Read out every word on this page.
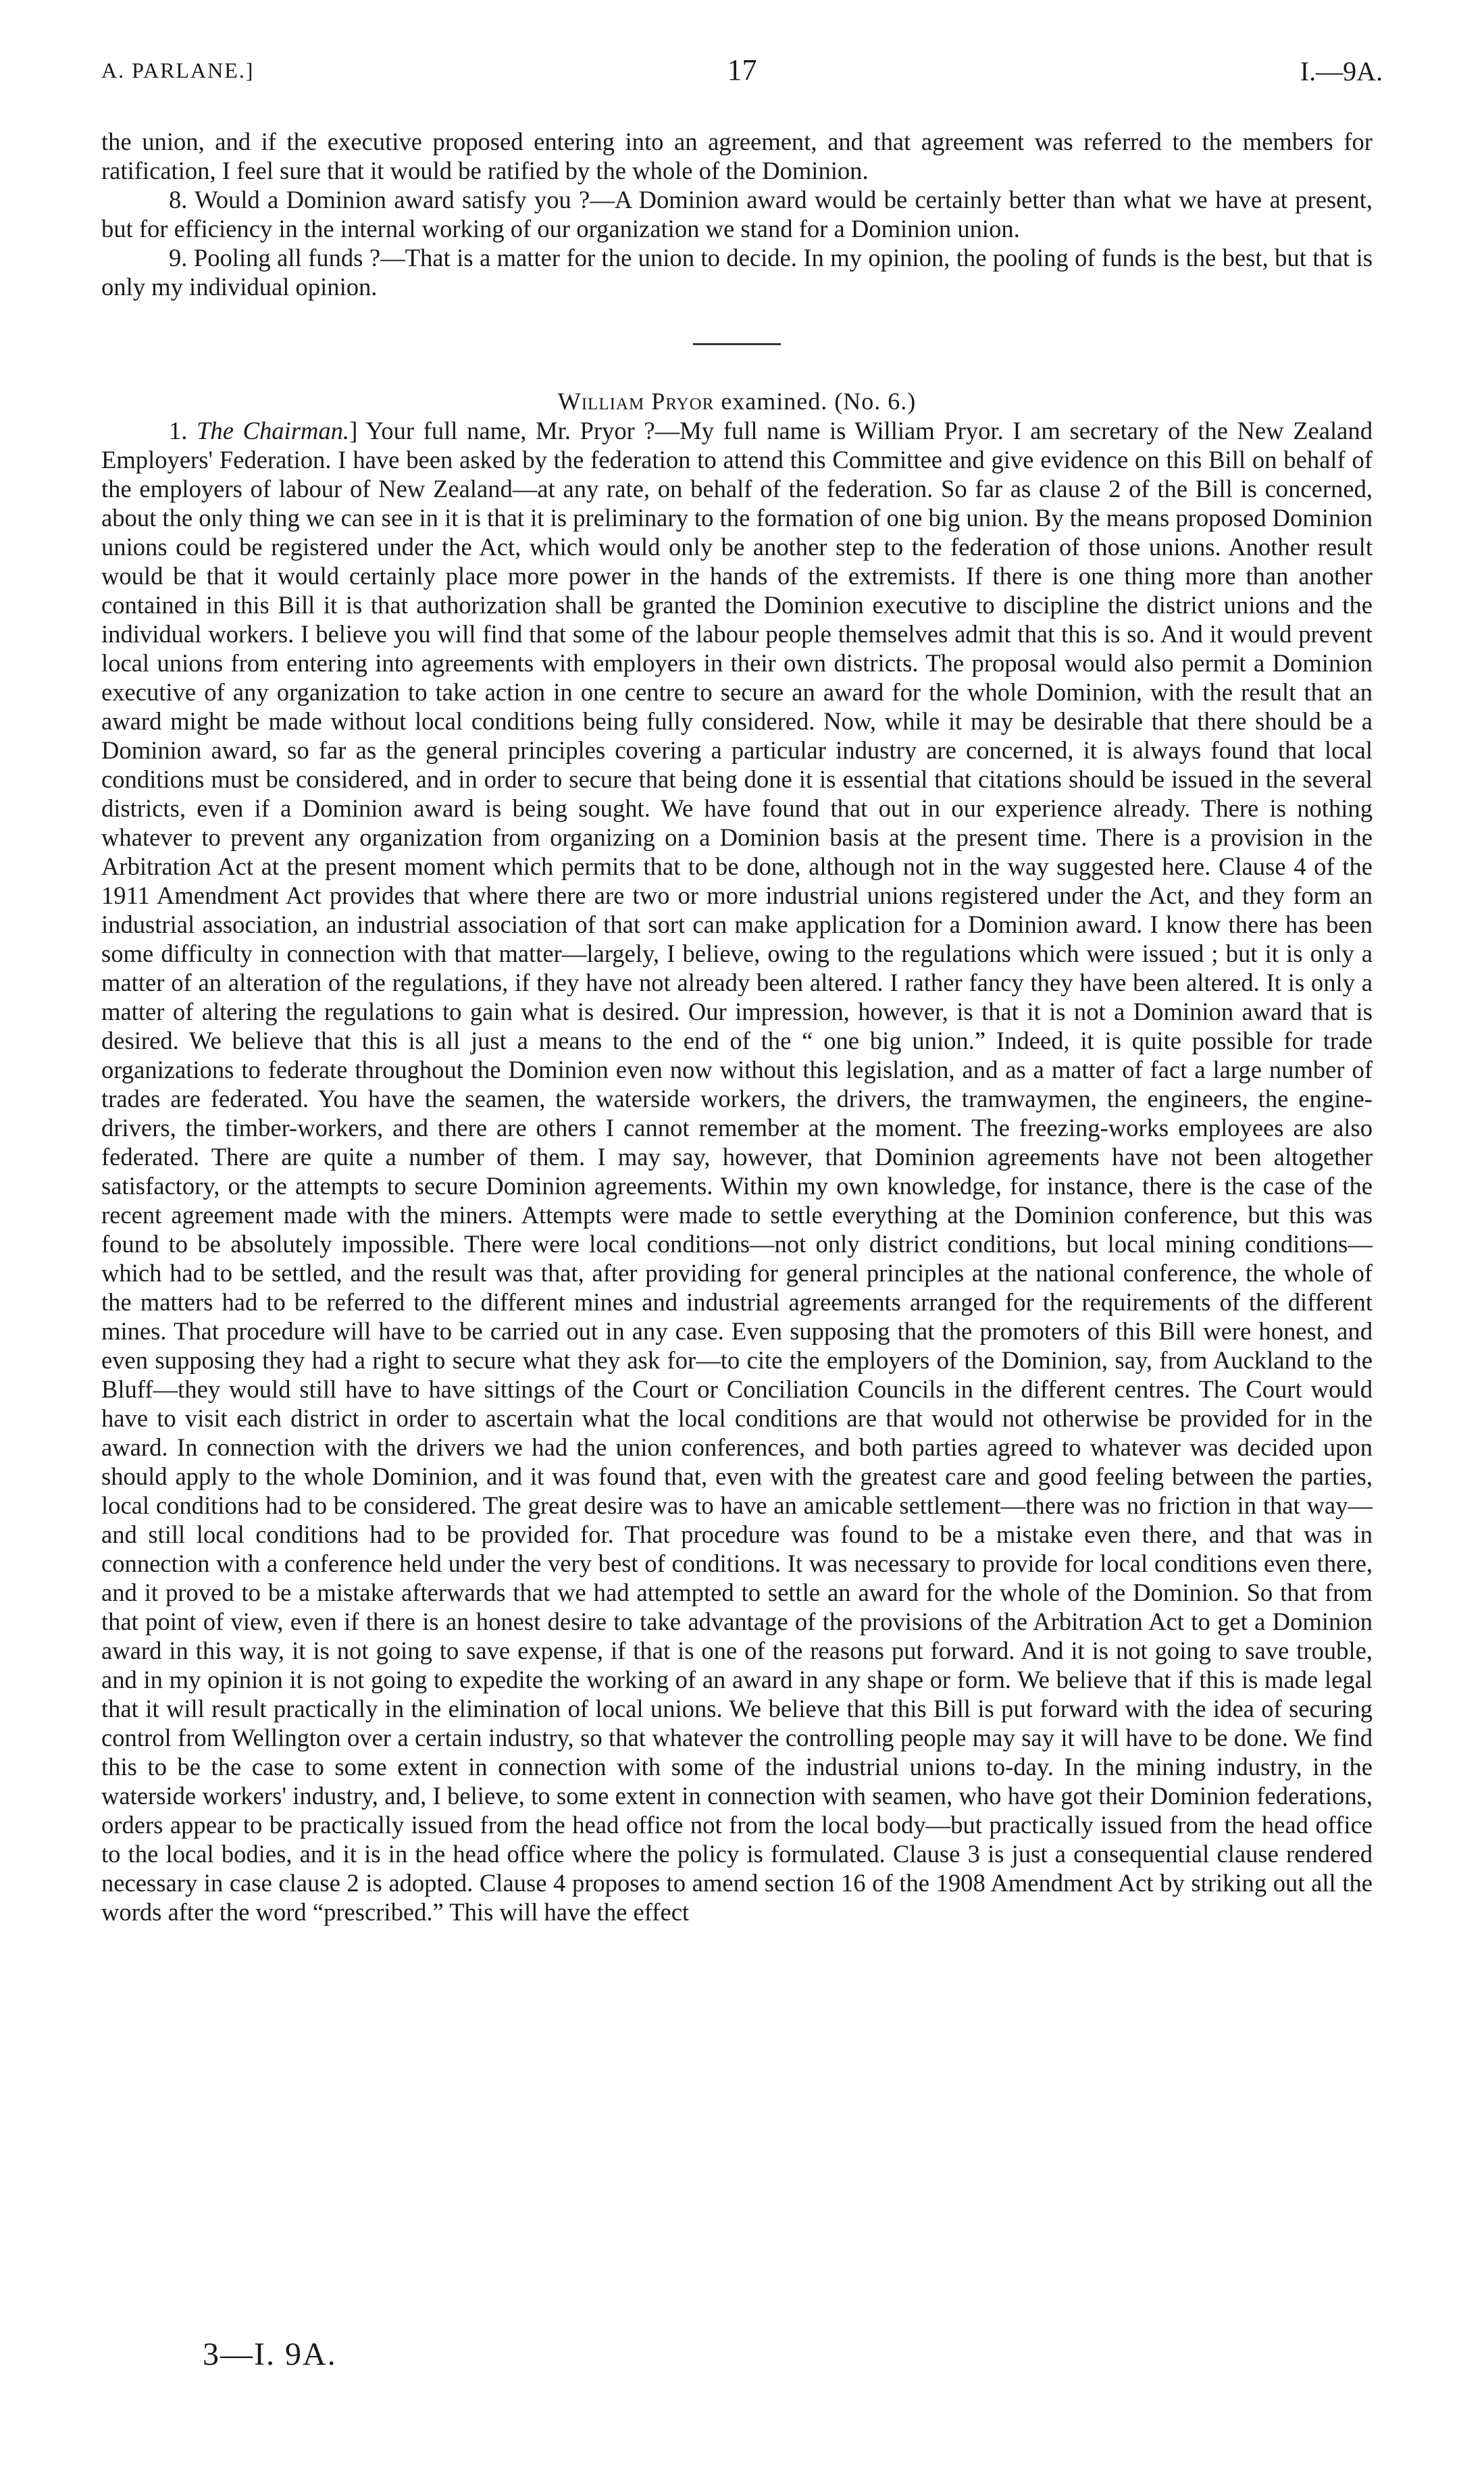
A. PARLANE.]	17	I.—9A.

the union, and if the executive proposed entering into an agreement, and that agreement was referred to the members for ratification, I feel sure that it would be ratified by the whole of the Dominion.

8. Would a Dominion award satisfy you ?—A Dominion award would be certainly better than what we have at present, but for efficiency in the internal working of our organization we stand for a Dominion union.

9. Pooling all funds ?—That is a matter for the union to decide. In my opinion, the pooling of funds is the best, but that is only my individual opinion.

William Pryor examined. (No. 6.)

1. The Chairman.] Your full name, Mr. Pryor ?—My full name is William Pryor. I am secretary of the New Zealand Employers' Federation. I have been asked by the federation to attend this Committee and give evidence on this Bill on behalf of the employers of labour of New Zealand—at any rate, on behalf of the federation. So far as clause 2 of the Bill is concerned, about the only thing we can see in it is that it is preliminary to the formation of one big union. By the means proposed Dominion unions could be registered under the Act, which would only be another step to the federation of those unions. Another result would be that it would certainly place more power in the hands of the extremists. If there is one thing more than another contained in this Bill it is that authorization shall be granted the Dominion executive to discipline the district unions and the individual workers. I believe you will find that some of the labour people themselves admit that this is so. And it would prevent local unions from entering into agreements with employers in their own districts. The proposal would also permit a Dominion executive of any organization to take action in one centre to secure an award for the whole Dominion, with the result that an award might be made without local conditions being fully considered. Now, while it may be desirable that there should be a Dominion award, so far as the general principles covering a particular industry are concerned, it is always found that local conditions must be considered, and in order to secure that being done it is essential that citations should be issued in the several districts, even if a Dominion award is being sought. We have found that out in our experience already. There is nothing whatever to prevent any organization from organizing on a Dominion basis at the present time. There is a provision in the Arbitration Act at the present moment which permits that to be done, although not in the way suggested here. Clause 4 of the 1911 Amendment Act provides that where there are two or more industrial unions registered under the Act, and they form an industrial association, an industrial association of that sort can make application for a Dominion award. I know there has been some difficulty in connection with that matter—largely, I believe, owing to the regulations which were issued ; but it is only a matter of an alteration of the regulations, if they have not already been altered. I rather fancy they have been altered. It is only a matter of altering the regulations to gain what is desired. Our impression, however, is that it is not a Dominion award that is desired. We believe that this is all just a means to the end of the “ one big union.” Indeed, it is quite possible for trade organizations to federate throughout the Dominion even now without this legislation, and as a matter of fact a large number of trades are federated. You have the seamen, the waterside workers, the drivers, the tramwaymen, the engineers, the engine-drivers, the timber-workers, and there are others I cannot remember at the moment. The freezing-works employees are also federated. There are quite a number of them. I may say, however, that Dominion agreements have not been altogether satisfactory, or the attempts to secure Dominion agreements. Within my own knowledge, for instance, there is the case of the recent agreement made with the miners. Attempts were made to settle everything at the Dominion conference, but this was found to be absolutely impossible. There were local conditions—not only district conditions, but local mining conditions—which had to be settled, and the result was that, after providing for general principles at the national conference, the whole of the matters had to be referred to the different mines and industrial agreements arranged for the requirements of the different mines. That procedure will have to be carried out in any case. Even supposing that the promoters of this Bill were honest, and even supposing they had a right to secure what they ask for—to cite the employers of the Dominion, say, from Auckland to the Bluff—they would still have to have sittings of the Court or Conciliation Councils in the different centres. The Court would have to visit each district in order to ascertain what the local conditions are that would not otherwise be provided for in the award. In connection with the drivers we had the union conferences, and both parties agreed to whatever was decided upon should apply to the whole Dominion, and it was found that, even with the greatest care and good feeling between the parties, local conditions had to be considered. The great desire was to have an amicable settlement—there was no friction in that way—and still local conditions had to be provided for. That procedure was found to be a mistake even there, and that was in connection with a conference held under the very best of conditions. It was necessary to provide for local conditions even there, and it proved to be a mistake afterwards that we had attempted to settle an award for the whole of the Dominion. So that from that point of view, even if there is an honest desire to take advantage of the provisions of the Arbitration Act to get a Dominion award in this way, it is not going to save expense, if that is one of the reasons put forward. And it is not going to save trouble, and in my opinion it is not going to expedite the working of an award in any shape or form. We believe that if this is made legal that it will result practically in the elimination of local unions. We believe that this Bill is put forward with the idea of securing control from Wellington over a certain industry, so that whatever the controlling people may say it will have to be done. We find this to be the case to some extent in connection with some of the industrial unions to-day. In the mining industry, in the waterside workers' industry, and, I believe, to some extent in connection with seamen, who have got their Dominion federations, orders appear to be practically issued from the head office not from the local body—but practically issued from the head office to the local bodies, and it is in the head office where the policy is formulated. Clause 3 is just a consequential clause rendered necessary in case clause 2 is adopted. Clause 4 proposes to amend section 16 of the 1908 Amendment Act by striking out all the words after the word “prescribed.” This will have the effect

3—I. 9A.
